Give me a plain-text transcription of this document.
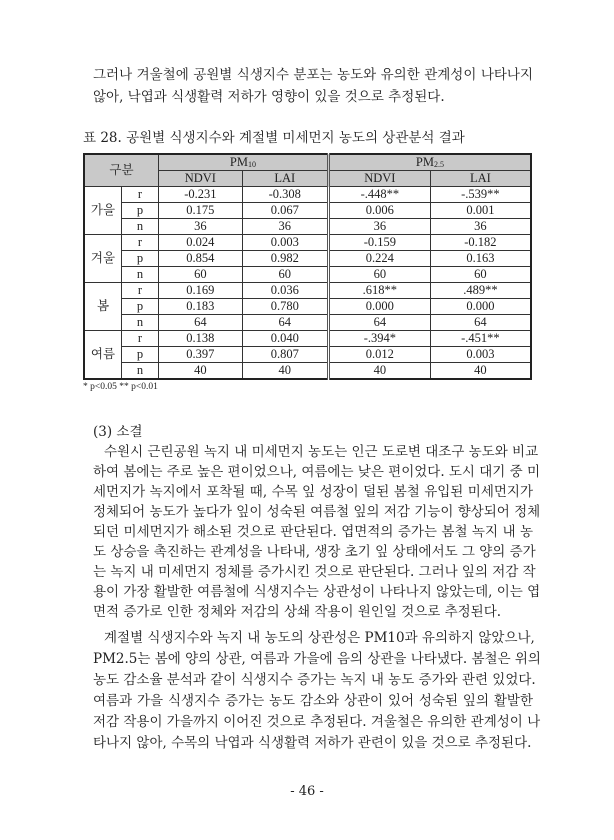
그러나 겨울철에 공원별 식생지수 분포는 농도와 유의한 관계성이 나타나지
않아, 낙엽과 식생활력 저하가 영향이 있을 것으로 추정된다.
표 28. 공원별 식생지수와 계절별 미세먼지 농도의 상관분석 결과
구분		$PM_{10}$		$PM_{2.5}$
		NDVI	LAI	NDVI	LAI
가을	r	-0.231	-0.308	-.448**	-.539**
	p	0.175	0.067	0.006	0.001
	n	36	36	36	36
겨울	r	0.024	0.003	-0.159	-0.182
	p	0.854	0.982	0.224	0.163
	n	60	60	60	60
봄	r	0.169	0.036	.618**	.489**
	p	0.183	0.780	0.000	0.000
	n	64	64	64	64
여름	r	0.138	0.040	-.394*	-.451**
	p	0.397	0.807	0.012	0.003
	n	40	40	40	40
* p<0.05 ** p<0.01
(3) 소결
수원시 근린공원 녹지 내 미세먼지 농도는 인근 도로변 대조구 농도와 비교
하여 봄에는 주로 높은 편이었으나, 여름에는 낮은 편이었다. 도시 대기 중 미
세먼지가 녹지에서 포착될 때, 수목 잎 성장이 덜된 봄철 유입된 미세먼지가
정체되어 농도가 높다가 잎이 성숙된 여름철 잎의 저감 기능이 향상되어 정체
되던 미세먼지가 해소된 것으로 판단된다. 엽면적의 증가는 봄철 녹지 내 농
도 상승을 촉진하는 관계성을 나타내, 생장 초기 잎 상태에서도 그 양의 증가
는 녹지 내 미세먼지 정체를 증가시킨 것으로 판단된다. 그러나 잎의 저감 작
용이 가장 활발한 여름철에 식생지수는 상관성이 나타나지 않았는데, 이는 엽
면적 증가로 인한 정체와 저감의 상쇄 작용이 원인일 것으로 추정된다.
계절별 식생지수와 녹지 내 농도의 상관성은 PM10과 유의하지 않았으나,
PM2.5는 봄에 양의 상관, 여름과 가을에 음의 상관을 나타냈다. 봄철은 위의
농도 감소율 분석과 같이 식생지수 증가는 녹지 내 농도 증가와 관련 있었다.
여름과 가을 식생지수 증가는 농도 감소와 상관이 있어 성숙된 잎의 활발한
저감 작용이 가을까지 이어진 것으로 추정된다. 겨울철은 유의한 관계성이 나
타나지 않아, 수목의 낙엽과 식생활력 저하가 관련이 있을 것으로 추정된다.
- 46 -
